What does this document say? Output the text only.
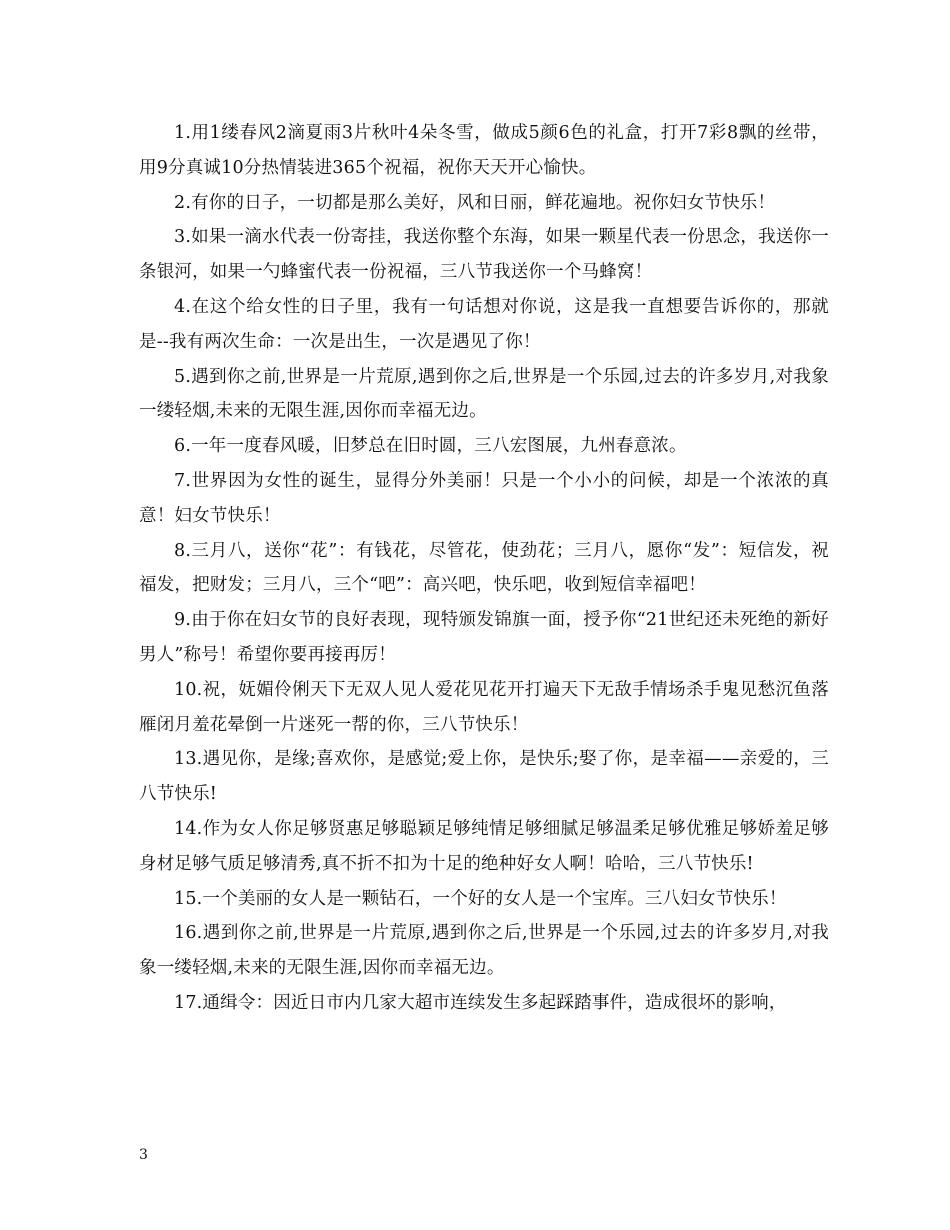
1.用1缕春风2滴夏雨3片秋叶4朵冬雪，做成5颜6色的礼盒，打开7彩8飘的丝带，用9分真诚10分热情装进365个祝福，祝你天天开心愉快。

2.有你的日子，一切都是那么美好，风和日丽，鲜花遍地。祝你妇女节快乐！

3.如果一滴水代表一份寄挂，我送你整个东海，如果一颗星代表一份思念，我送你一条银河，如果一勺蜂蜜代表一份祝福，三八节我送你一个马蜂窝！

4.在这个给女性的日子里，我有一句话想对你说，这是我一直想要告诉你的，那就是--我有两次生命：一次是出生，一次是遇见了你！

5.遇到你之前,世界是一片荒原,遇到你之后,世界是一个乐园,过去的许多岁月,对我象一缕轻烟,未来的无限生涯,因你而幸福无边。

6.一年一度春风暖，旧梦总在旧时圆，三八宏图展，九州春意浓。

7.世界因为女性的诞生，显得分外美丽！只是一个小小的问候，却是一个浓浓的真意！妇女节快乐！

8.三月八，送你“花”：有钱花，尽管花，使劲花；三月八，愿你“发”：短信发，祝福发，把财发；三月八，三个“吧”：高兴吧，快乐吧，收到短信幸福吧！

9.由于你在妇女节的良好表现，现特颁发锦旗一面，授予你“21世纪还未死绝的新好男人”称号！希望你要再接再厉！

10.祝，妩媚伶俐天下无双人见人爱花见花开打遍天下无敌手情场杀手鬼见愁沉鱼落雁闭月羞花晕倒一片迷死一帮的你，三八节快乐！

13.遇见你，是缘;喜欢你，是感觉;爱上你，是快乐;娶了你，是幸福——亲爱的，三八节快乐!

14.作为女人你足够贤惠足够聪颖足够纯情足够细腻足够温柔足够优雅足够娇羞足够身材足够气质足够清秀,真不折不扣为十足的绝种好女人啊！哈哈，三八节快乐!

15.一个美丽的女人是一颗钻石，一个好的女人是一个宝库。三八妇女节快乐！

16.遇到你之前,世界是一片荒原,遇到你之后,世界是一个乐园,过去的许多岁月,对我象一缕轻烟,未来的无限生涯,因你而幸福无边。

17.通缉令：因近日市内几家大超市连续发生多起踩踏事件，造成很坏的影响，

3
